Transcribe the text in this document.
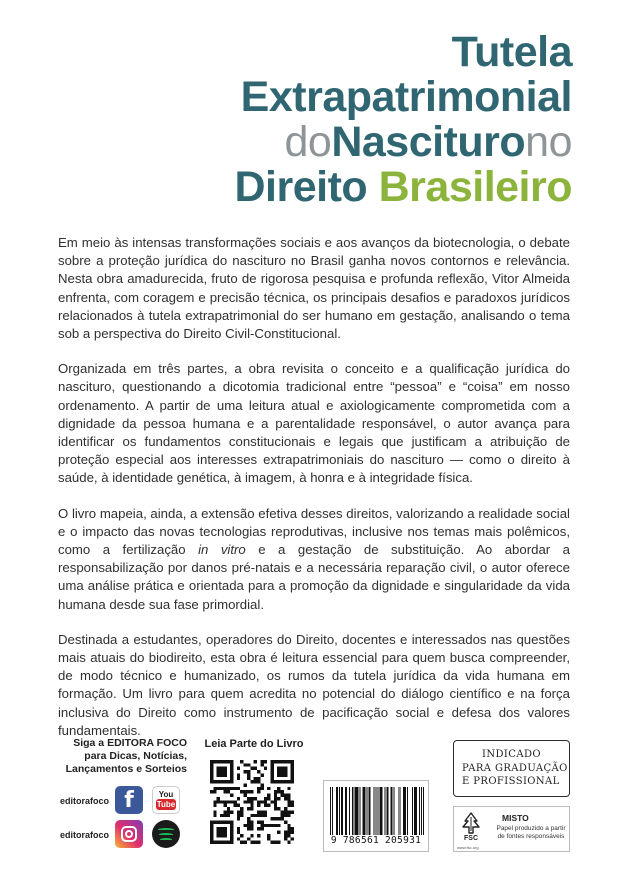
Tutela
Extrapatrimonial
doNasciturono
Direito Brasileiro

Em meio às intensas transformações sociais e aos avanços da biotecnologia, o debate sobre a proteção jurídica do nascituro no Brasil ganha novos contornos e relevância. Nesta obra amadurecida, fruto de rigorosa pesquisa e profunda reflexão, Vitor Almeida enfrenta, com coragem e precisão técnica, os principais desafios e paradoxos jurídicos relacionados à tutela extrapatrimonial do ser humano em gestação, analisando o tema sob a perspectiva do Direito Civil-Constitucional.

Organizada em três partes, a obra revisita o conceito e a qualificação jurídica do nascituro, questionando a dicotomia tradicional entre “pessoa” e “coisa” em nosso ordenamento. A partir de uma leitura atual e axiologicamente comprometida com a dignidade da pessoa humana e a parentalidade responsável, o autor avança para identificar os fundamentos constitucionais e legais que justificam a atribuição de proteção especial aos interesses extrapatrimoniais do nascituro — como o direito à saúde, à identidade genética, à imagem, à honra e à integridade física.

O livro mapeia, ainda, a extensão efetiva desses direitos, valorizando a realidade social e o impacto das novas tecnologias reprodutivas, inclusive nos temas mais polêmicos, como a fertilização in vitro e a gestação de substituição. Ao abordar a responsabilização por danos pré-natais e a necessária reparação civil, o autor oferece uma análise prática e orientada para a promoção da dignidade e singularidade da vida humana desde sua fase primordial.

Destinada a estudantes, operadores do Direito, docentes e interessados nas questões mais atuais do biodireito, esta obra é leitura essencial para quem busca compreender, de modo técnico e humanizado, os rumos da tutela jurídica da vida humana em formação. Um livro para quem acredita no potencial do diálogo científico e na força inclusiva do Direito como instrumento de pacificação social e defesa dos valores fundamentais.

Siga a EDITORA FOCO
para Dicas, Notícias,
Lançamentos e Sorteios
editorafoco f	You
Tube
editorafoco
Leia Parte do Livro
9 786561 205931
INDICADO
PARA GRADUAÇÃO
E PROFISSIONAL
FSC
www.fsc.org
MISTO
Papel produzido a partir de fontes responsáveis
